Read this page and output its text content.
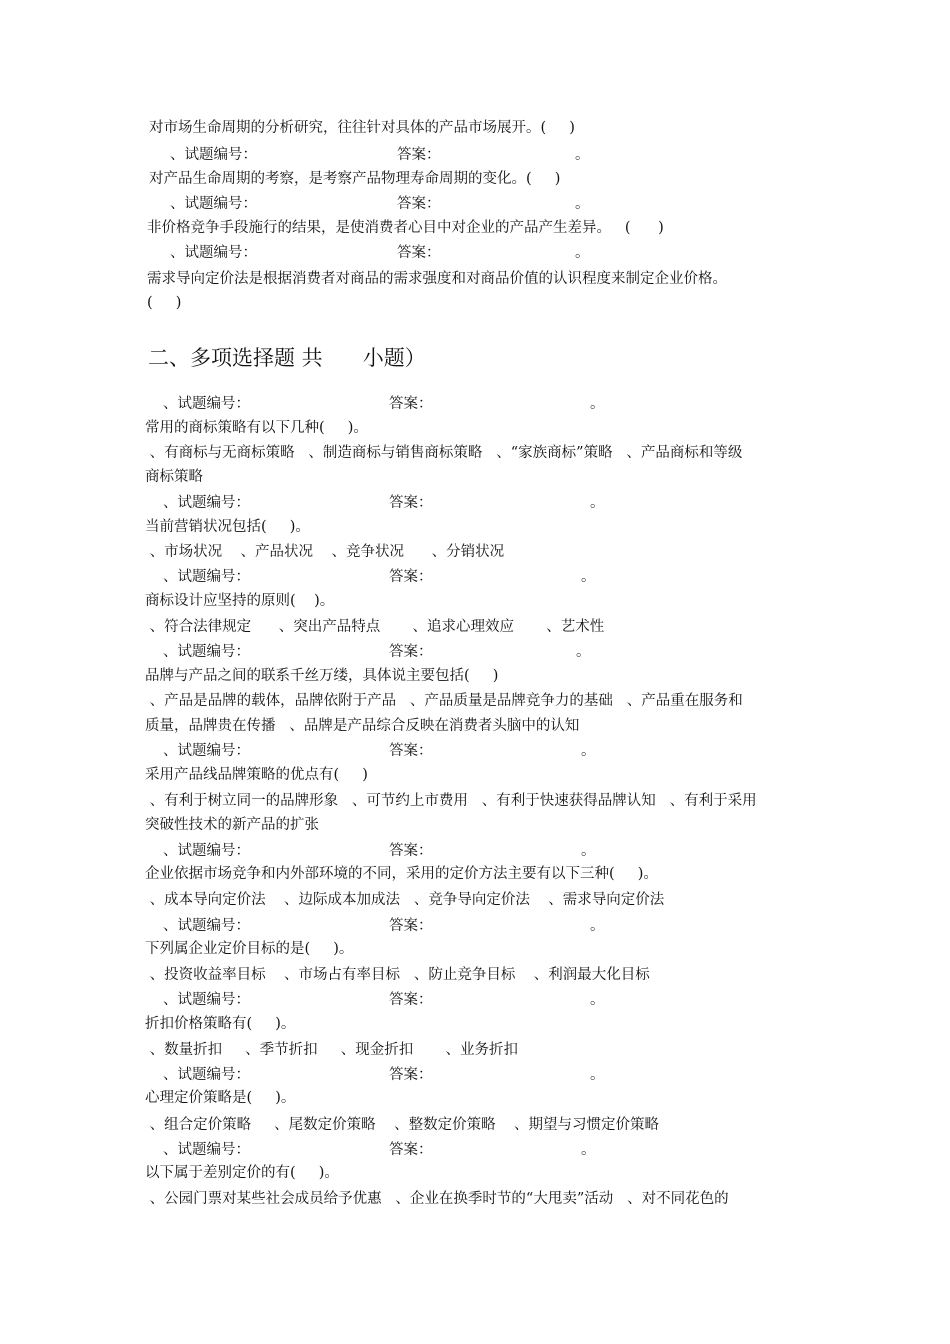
对市场生命周期的分析研究，往往针对具体的产品市场展开。(     )
、试题编号：	答案：	。
对产品生命周期的考察，是考察产品物理寿命周期的变化。(     )
、试题编号：	答案：	。
非价格竞争手段施行的结果，是使消费者心目中对企业的产品产生差异。   (      )
、试题编号：	答案：	。
需求导向定价法是根据消费者对商品的需求强度和对商品价值的认识程度来制定企业价格。
(     )
二、多项选择题 共      小题）
、试题编号：	答案：	。
常用的商标策略有以下几种(     )。
、有商标与无商标策略   、制造商标与销售商标策略   、“家族商标”策略   、产品商标和等级
商标策略
、试题编号：	答案：	。
当前营销状况包括(     )。
、市场状况    、产品状况    、竞争状况      、分销状况
、试题编号：	答案：	。
商标设计应坚持的原则(    )。
、符合法律规定      、突出产品特点       、追求心理效应       、艺术性
、试题编号：	答案：	。
品牌与产品之间的联系千丝万缕，具体说主要包括(     )
、产品是品牌的载体，品牌依附于产品   、产品质量是品牌竞争力的基础   、产品重在服务和
质量，品牌贵在传播   、品牌是产品综合反映在消费者头脑中的认知
、试题编号：	答案：	。
采用产品线品牌策略的优点有(     )
、有利于树立同一的品牌形象   、可节约上市费用   、有利于快速获得品牌认知   、有利于采用
突破性技术的新产品的扩张
、试题编号：	答案：	。
企业依据市场竞争和内外部环境的不同，采用的定价方法主要有以下三种(     )。
、成本导向定价法    、边际成本加成法   、竞争导向定价法    、需求导向定价法
、试题编号：	答案：	。
下列属企业定价目标的是(     )。
、投资收益率目标    、市场占有率目标   、防止竞争目标    、利润最大化目标
、试题编号：	答案：	。
折扣价格策略有(     )。
、数量折扣     、季节折扣     、现金折扣       、业务折扣
、试题编号：	答案：	。
心理定价策略是(     )。
、组合定价策略     、尾数定价策略    、整数定价策略    、期望与习惯定价策略
、试题编号：	答案：	。
以下属于差别定价的有(     )。
、公园门票对某些社会成员给予优惠   、企业在换季时节的“大甩卖”活动   、对不同花色的
